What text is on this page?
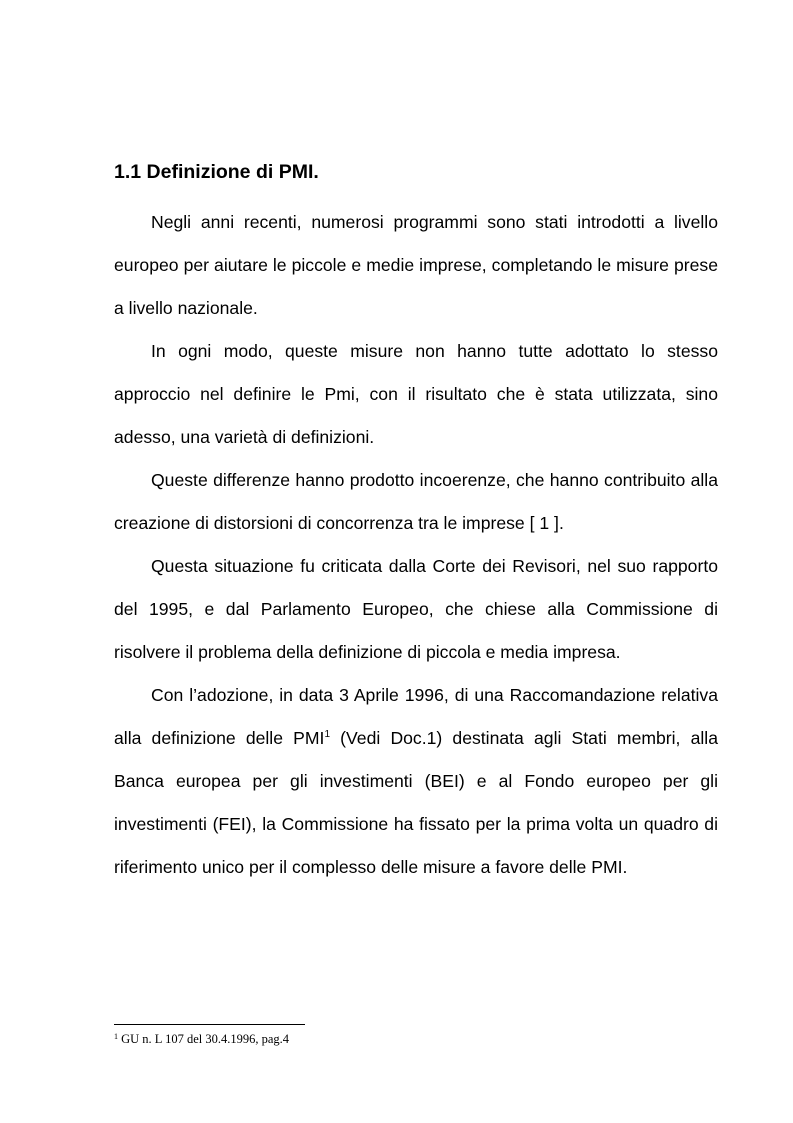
1.1 Definizione di PMI.

Negli anni recenti, numerosi programmi sono stati introdotti a livello europeo per aiutare le piccole e medie imprese, completando le misure prese a livello nazionale.

In ogni modo, queste misure non hanno tutte adottato lo stesso approccio nel definire le Pmi, con il risultato che è stata utilizzata, sino adesso, una varietà di definizioni.

Queste differenze hanno prodotto incoerenze, che hanno contribuito alla creazione di distorsioni di concorrenza tra le imprese [ 1 ].

Questa situazione fu criticata dalla Corte dei Revisori, nel suo rapporto del 1995, e dal Parlamento Europeo, che chiese alla Commissione di risolvere il problema della definizione di piccola e media impresa.

Con l’adozione, in data 3 Aprile 1996, di una Raccomandazione relativa alla definizione delle PMI$^1$ (Vedi Doc.1) destinata agli Stati membri, alla Banca europea per gli investimenti (BEI) e al Fondo europeo per gli investimenti (FEI), la Commissione ha fissato per la prima volta un quadro di riferimento unico per il complesso delle misure a favore delle PMI.

$^1$ GU n. L 107 del 30.4.1996, pag.4
